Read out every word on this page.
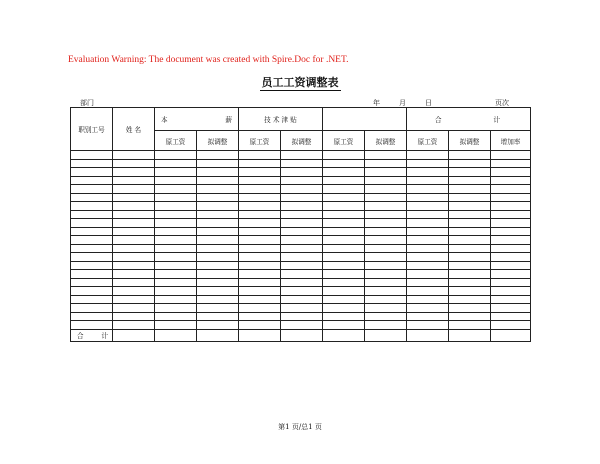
Evaluation Warning: The document was created with Spire.Doc for .NET.
员工工资调整表
部门	年	月	日	页次
职别工号	姓 名	本 薪		技 术 津 贴				合 计		

		原工资	拟调整	原工资	拟调整	原工资	拟调整	原工资	拟调整	增加率

合 计										

第1 页/总1 页
